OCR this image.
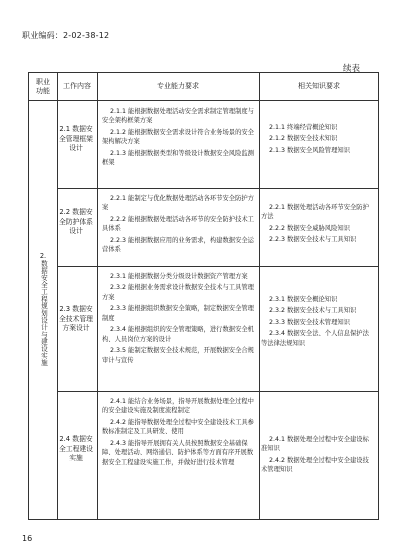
职业编码：2-02-38-12
续表
职业功能
工作内容	专业能力要求	相关知识要求
2.
数据安全工程规划设计与建设实施
2.1 数据安全管理框架设计

2.1.1 能根据数据处理活动安全需求制定管理制度与安全架构框架方案

2.1.2 能根据数据安全需求设计符合业务场景的安全架构解决方案

2.1.3 能根据数据类型和等级设计数据安全风险监测框架

2.1.1 终端经营概论知识

2.1.2 数据安全技术知识

2.1.3 数据安全风险管理知识

2.2 数据安全防护体系设计

2.2.1 能制定与优化数据处理活动各环节安全防护方案

2.2.2 能根据数据处理活动各环节的安全防护技术工具体系

2.2.3 能根据数据应用的业务需求，构建数据安全运营体系

2.2.1 数据处理活动各环节安全防护方法

2.2.2 数据安全威胁风险知识

2.2.3 数据安全技术与工具知识

2.3 数据安全技术管理方案设计

2.3.1 能根据数据分类分级设计数据资产管理方案

2.3.2 能根据业务需求设计数据安全技术与工具管理方案

2.3.3 能根据组织数据安全策略，制定数据安全管理制度

2.3.4 能根据组织的安全管理策略，进行数据安全机构、人员岗位方案的设计

2.3.5 能制定数据安全技术规范，开展数据安全合规审计与宣传

2.3.1 数据安全概论知识

2.3.2 数据安全技术与工具知识

2.3.3 数据安全技术管理知识

2.3.4 数据安全法、个人信息保护法等法律法规知识

2.4 数据安全工程建设实施

2.4.1 能结合业务场景，指导开展数据处理全过程中的安全建设实施及制度流程制定

2.4.2 能指导数据处理全过程中安全建设技术工具参数标准制定及工具研发、使用

2.4.3 能指导开展拥有关人员按照数据安全基础保障、处理活动、网络通信、防护体系等方面有序开展数据安全工程建设实施工作，并做好进行技术管理

2.4.1 数据处理全过程中安全建设标准知识

2.4.2 数据处理全过程中安全建设技术管理知识

16
